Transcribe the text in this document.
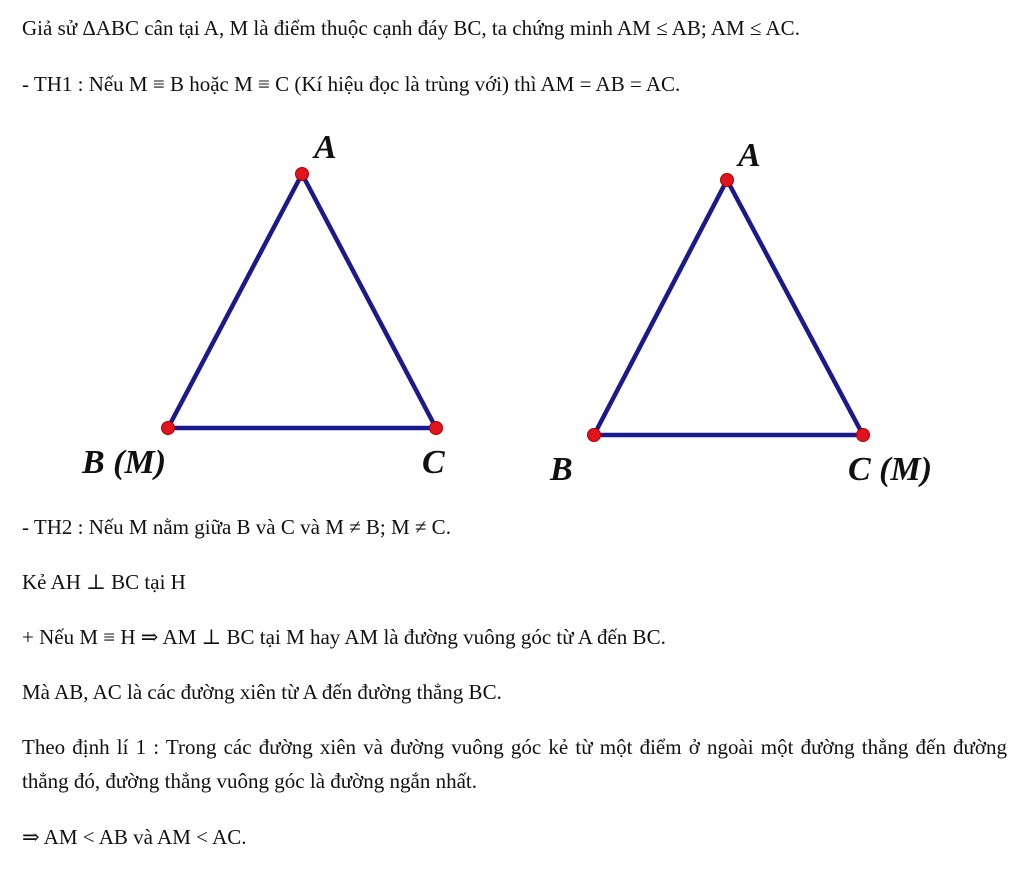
Giả sử ΔABC cân tại A, M là điểm thuộc cạnh đáy BC, ta chứng minh AM ≤ AB; AM ≤ AC.
- TH1 : Nếu M ≡ B hoặc M ≡ C (Kí hiệu đọc là trùng với) thì AM = AB = AC.
A
B (M)	C
A
B	C (M)
- TH2 : Nếu M nằm giữa B và C và M ≠ B; M ≠ C.
Kẻ AH ⊥ BC tại H
+ Nếu M ≡ H ⇒ AM ⊥ BC tại M hay AM là đường vuông góc từ A đến BC.
Mà AB, AC là các đường xiên từ A đến đường thẳng BC.
Theo định lí 1 : Trong các đường xiên và đường vuông góc kẻ từ một điểm ở ngoài một đường thẳng đến đường thẳng đó, đường thẳng vuông góc là đường ngắn nhất.
⇒ AM < AB và AM < AC.
